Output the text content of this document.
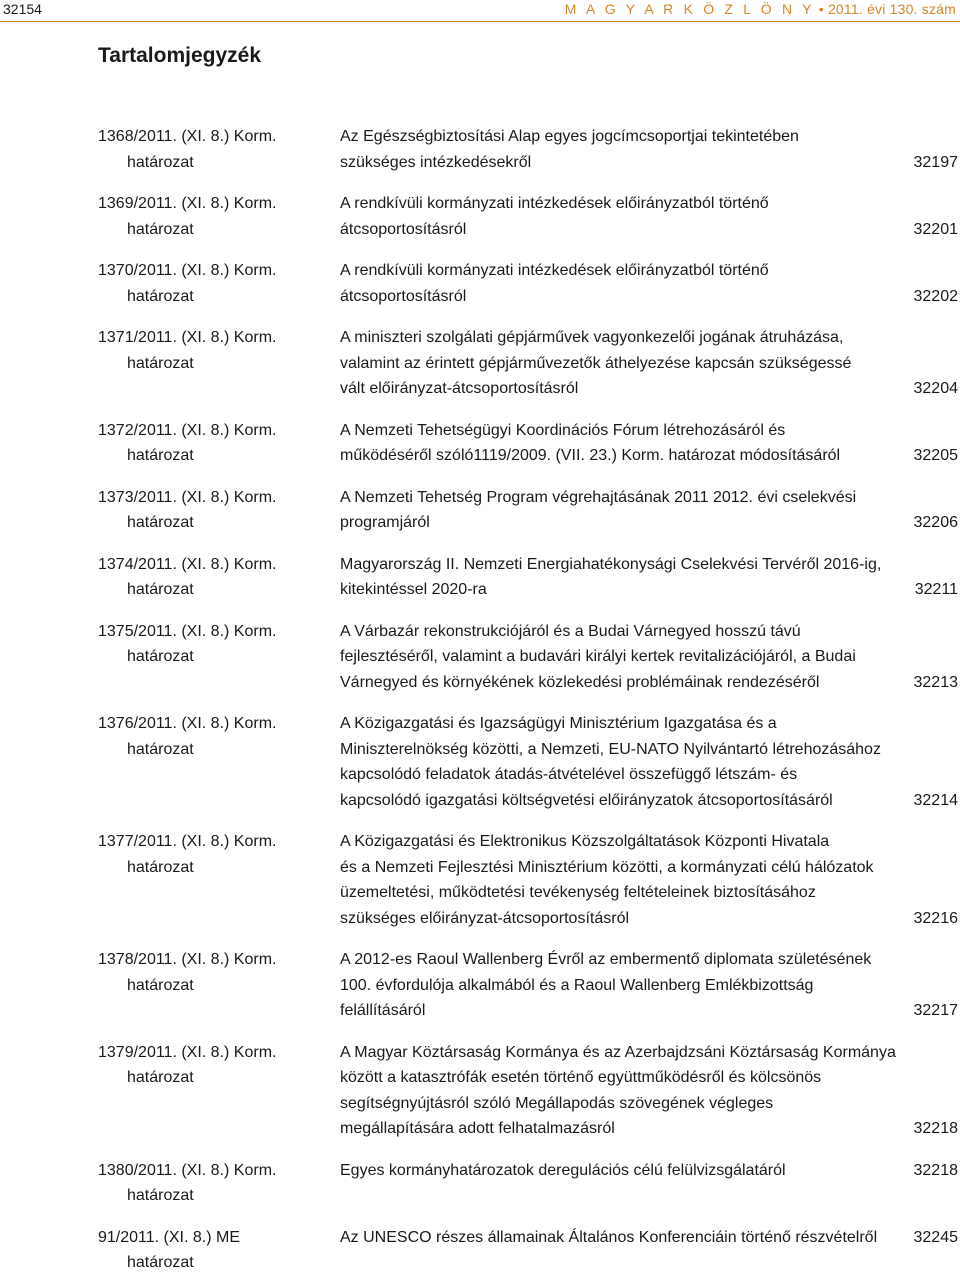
32154	M A G Y A R K Ö Z L Ö N Y • 2011. évi 130. szám
Tartalomjegyzék
1368/2011. (XI. 8.) Korm.
határozat
Az Egészségbiztosítási Alap egyes jogcímcsoportjai tekintetében
szükséges intézkedésekről	32197
1369/2011. (XI. 8.) Korm.
határozat
A rendkívüli kormányzati intézkedések előirányzatból történő
átcsoportosításról	32201
1370/2011. (XI. 8.) Korm.
határozat
A rendkívüli kormányzati intézkedések előirányzatból történő
átcsoportosításról	32202
1371/2011. (XI. 8.) Korm.
határozat
A miniszteri szolgálati gépjárművek vagyonkezelői jogának átruházása,
valamint az érintett gépjárművezetők áthelyezése kapcsán szükségessé
vált előirányzat-átcsoportosításról	32204
1372/2011. (XI. 8.) Korm.
határozat
A Nemzeti Tehetségügyi Koordinációs Fórum létrehozásáról és
működéséről szóló1119/2009. (VII. 23.) Korm. határozat módosításáról	32205
1373/2011. (XI. 8.) Korm.
határozat
A Nemzeti Tehetség Program végrehajtásának 2011 2012. évi cselekvési
programjáról	32206
1374/2011. (XI. 8.) Korm.
határozat
Magyarország II. Nemzeti Energiahatékonysági Cselekvési Tervéről 2016-ig,
kitekintéssel 2020-ra	32211
1375/2011. (XI. 8.) Korm.
határozat
A Várbazár rekonstrukciójáról és a Budai Várnegyed hosszú távú
fejlesztéséről, valamint a budavári királyi kertek revitalizációjáról, a Budai
Várnegyed és környékének közlekedési problémáinak rendezéséről	32213
1376/2011. (XI. 8.) Korm.
határozat
A Közigazgatási és Igazságügyi Minisztérium Igazgatása és a
Miniszterelnökség közötti, a Nemzeti, EU-NATO Nyilvántartó létrehozásához
kapcsolódó feladatok átadás-átvételével összefüggő létszám- és
kapcsolódó igazgatási költségvetési előirányzatok átcsoportosításáról	32214
1377/2011. (XI. 8.) Korm.
határozat
A Közigazgatási és Elektronikus Közszolgáltatások Központi Hivatala
és a Nemzeti Fejlesztési Minisztérium közötti, a kormányzati célú hálózatok
üzemeltetési, működtetési tevékenység feltételeinek biztosításához
szükséges előirányzat-átcsoportosításról	32216
1378/2011. (XI. 8.) Korm.
határozat
A 2012-es Raoul Wallenberg Évről az embermentő diplomata születésének
100. évfordulója alkalmából és a Raoul Wallenberg Emlékbizottság
felállításáról	32217
1379/2011. (XI. 8.) Korm.
határozat
A Magyar Köztársaság Kormánya és az Azerbajdzsáni Köztársaság Kormánya
között a katasztrófák esetén történő együttműködésről és kölcsönös
segítségnyújtásról szóló Megállapodás szövegének végleges
megállapítására adott felhatalmazásról	32218
1380/2011. (XI. 8.) Korm.
határozat
Egyes kormányhatározatok deregulációs célú felülvizsgálatáról	32218
91/2011. (XI. 8.) ME
határozat
Az UNESCO részes államainak Általános Konferenciáin történő részvételről	32245
